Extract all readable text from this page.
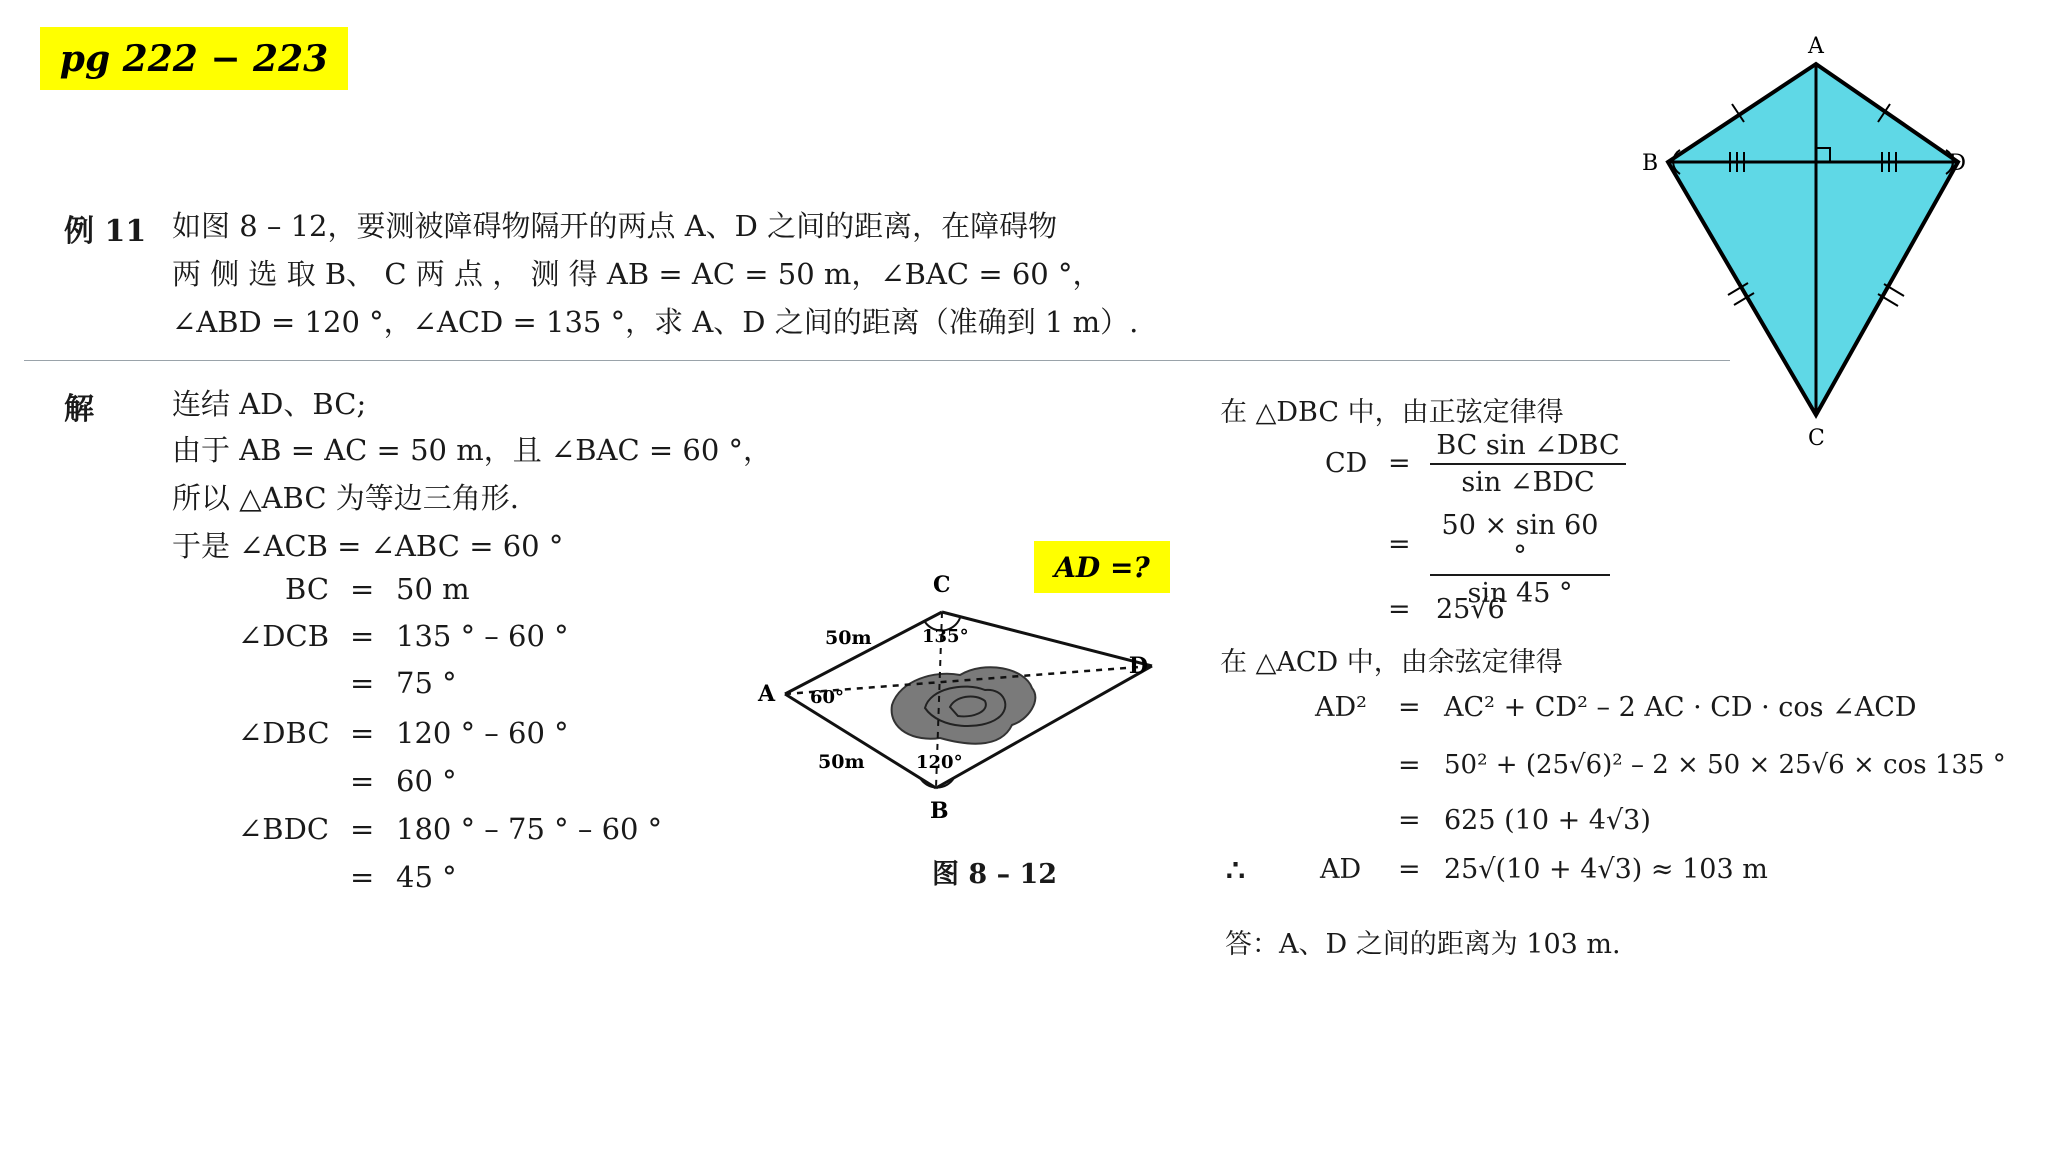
pg 222 − 223
例 11 如图 8 – 12，要测被障碍物隔开的两点 A、D 之间的距离，在障碍物
两 侧 选 取 B、 C 两 点 ， 测 得 AB = AC = 50 m，∠BAC = 60 °，
∠ABD = 120 °，∠ACD = 135 °，求 A、D 之间的距离（准确到 1 m）.
解	连结 AD、BC;
由于 AB = AC = 50 m，且 ∠BAC = 60 °，
所以 △ABC 为等边三角形.
于是 ∠ACB = ∠ABC = 60 °
BC = 50 m
∠DCB = 135 ° – 60 °
= 75 °
∠DBC = 120 ° – 60 °
= 60 °
∠BDC = 180 ° – 75 ° – 60 °
= 45 °
AD =?
C
A
D
B
50m
50m
60°
135°
120°
图 8 – 12
在 △DBC 中，由正弦定律得
CD =
BC sin ∠DBC
sin ∠BDC
= $\frac{50 \times \sin 60 ^\circ}{\sin 45 ^\circ}$
= 25√6
在 △ACD 中，由余弦定律得
AD² = AC² + CD² – 2 AC · CD · cos ∠ACD
= 50² + (25√6)² – 2 × 50 × 25√6 × cos 135 °
= 625 (10 + 4√3)
∴	AD = 25√(10 + 4√3) ≈ 103 m
答：A、D 之间的距离为 103 m.
A
B	D
C
